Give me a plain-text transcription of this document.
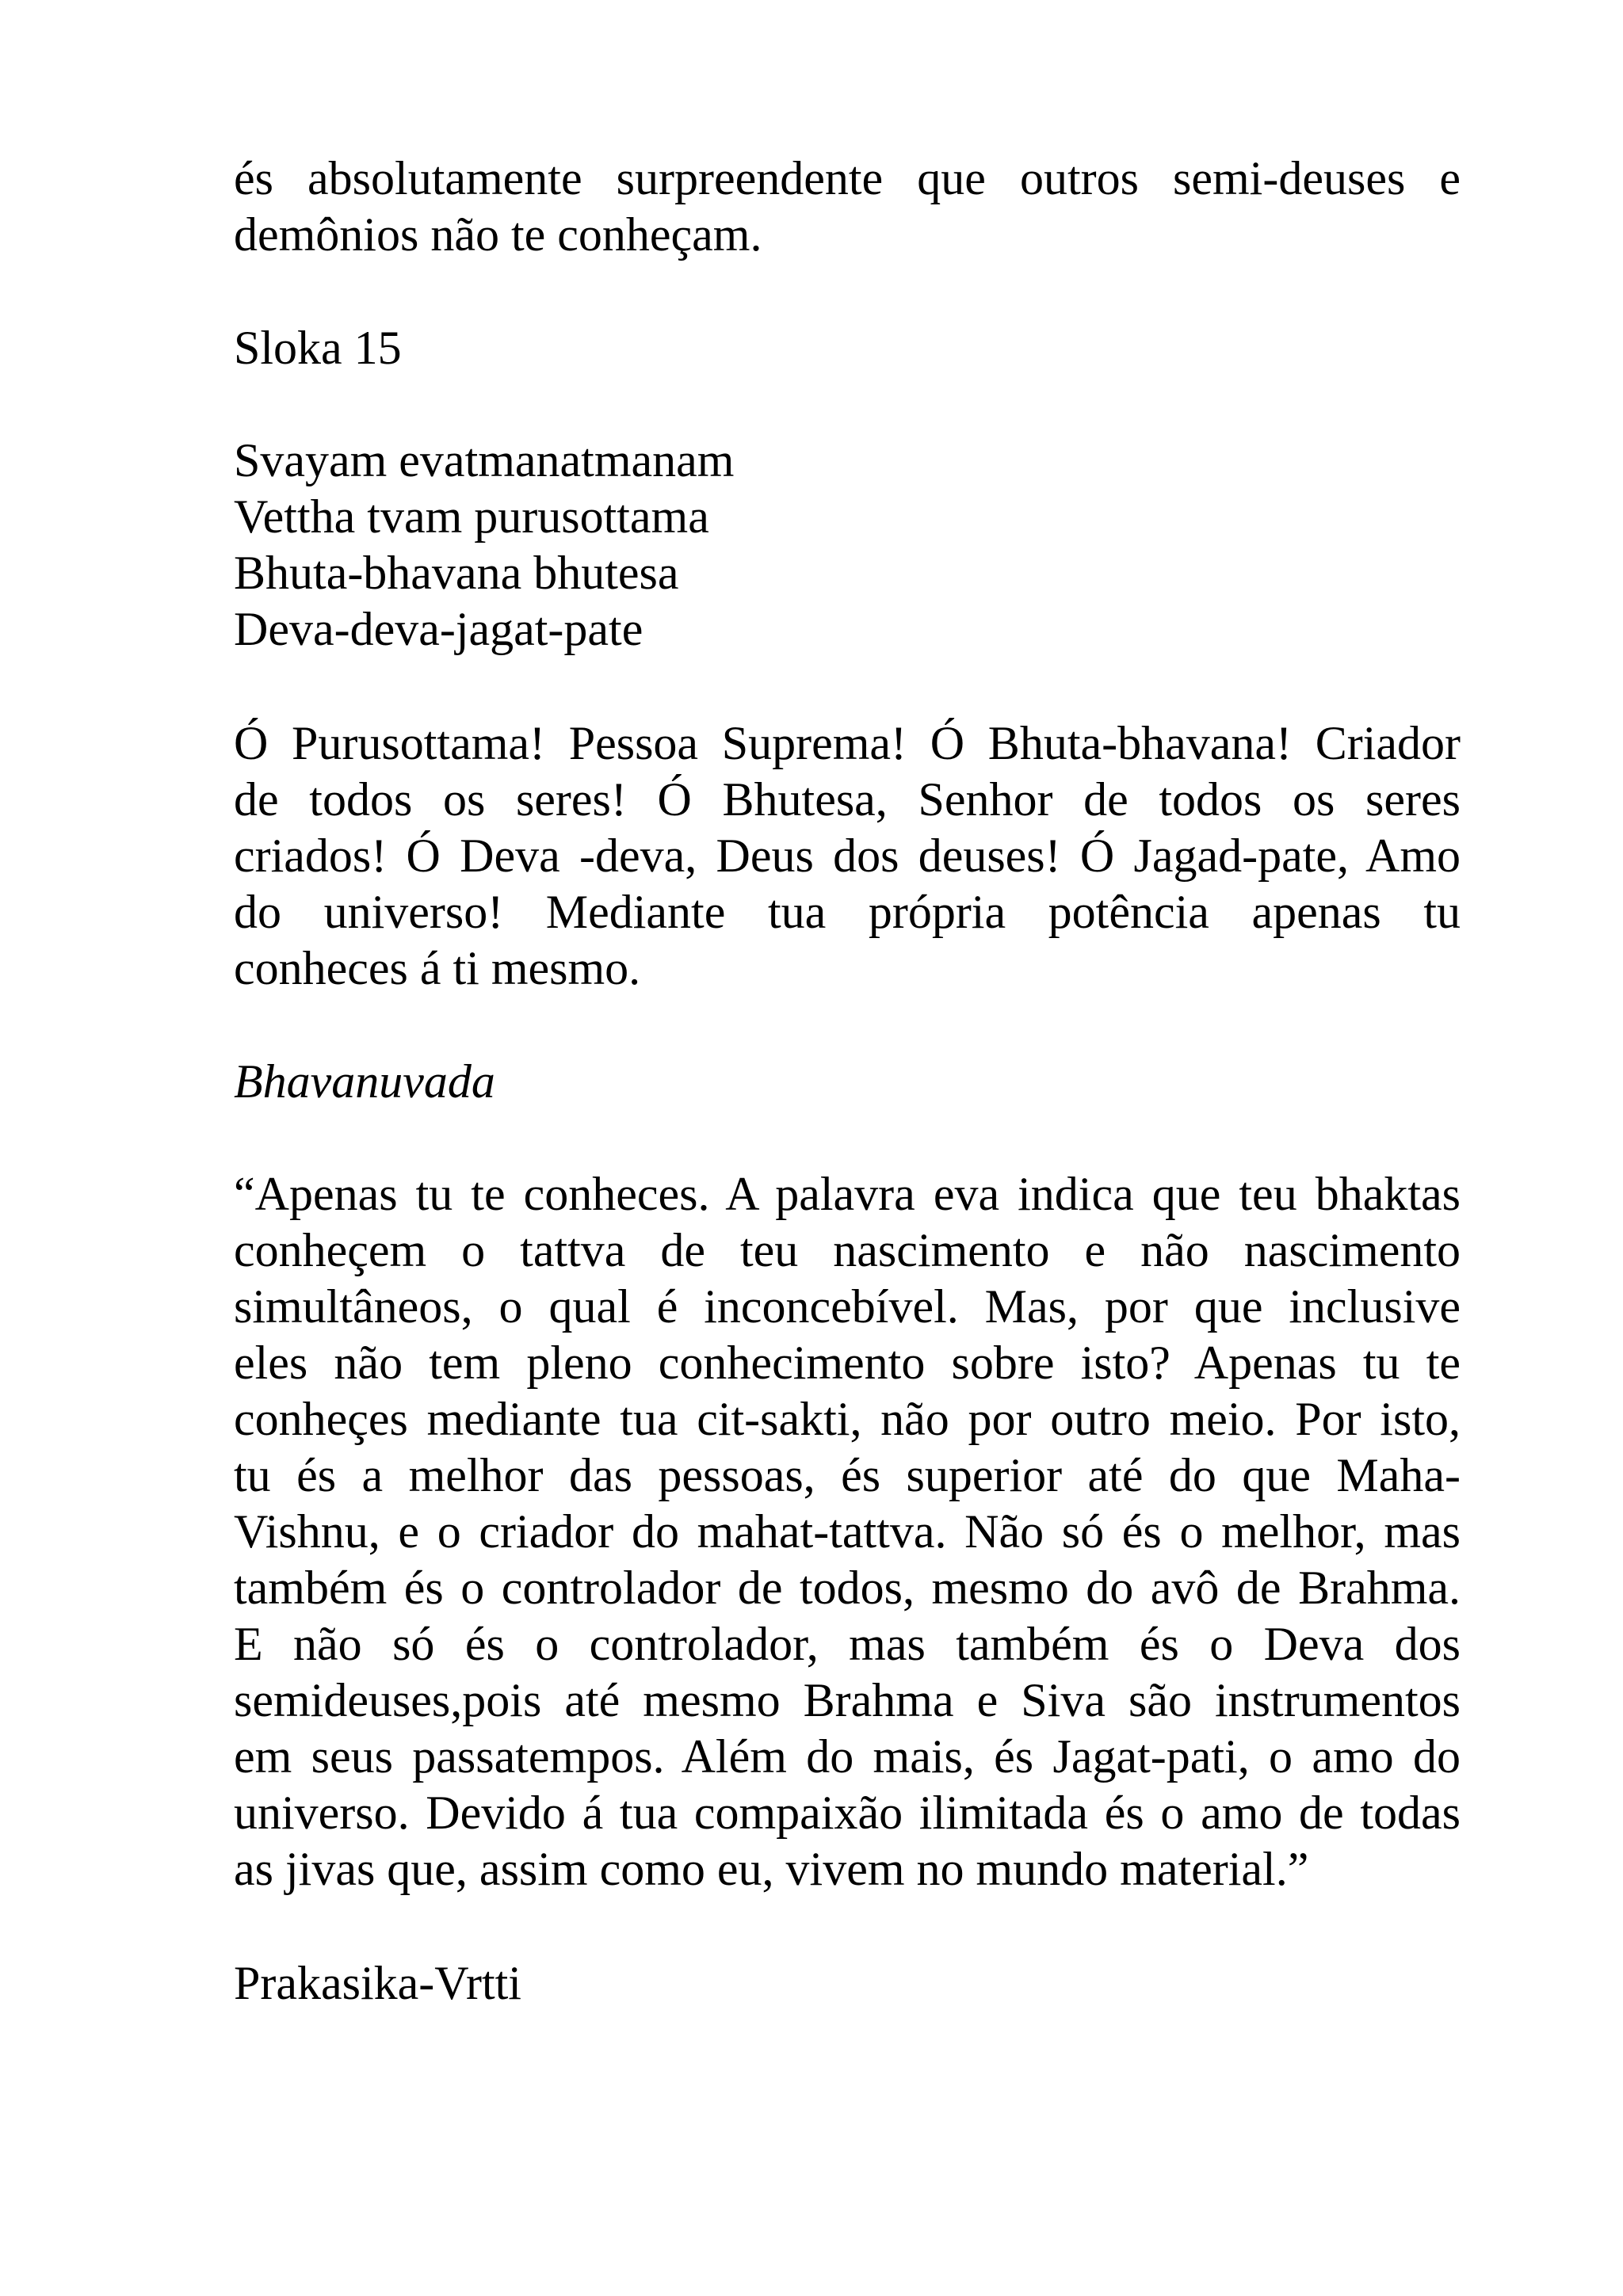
és absolutamente surpreendente que outros semi-deuses e
demônios não te conheçam.
Sloka 15
Svayam evatmanatmanam
Vettha tvam purusottama
Bhuta-bhavana bhutesa
Deva-deva-jagat-pate
Ó Purusottama! Pessoa Suprema! Ó Bhuta-bhavana! Criador
de todos os seres! Ó Bhutesa, Senhor de todos os seres
criados! Ó Deva -deva, Deus dos deuses! Ó Jagad-pate, Amo
do universo! Mediante tua própria potência apenas tu
conheces á ti mesmo.
Bhavanuvada
“Apenas tu te conheces. A palavra eva indica que teu bhaktas
conheçem o tattva de teu nascimento e não nascimento
simultâneos, o qual é inconcebível. Mas, por que inclusive
eles não tem pleno conhecimento sobre isto? Apenas tu te
conheçes mediante tua cit-sakti, não por outro meio. Por isto,
tu és a melhor das pessoas, és superior até do que Maha-
Vishnu, e o criador do mahat-tattva. Não só és o melhor, mas
também és o controlador de todos, mesmo do avô de Brahma.
E não só és o controlador, mas também és o Deva dos
semideuses,pois até mesmo Brahma e Siva são instrumentos
em seus passatempos. Além do mais, és Jagat-pati, o amo do
universo. Devido á tua compaixão ilimitada és o amo de todas
as jivas que, assim como eu, vivem no mundo material.”
Prakasika-Vrtti
